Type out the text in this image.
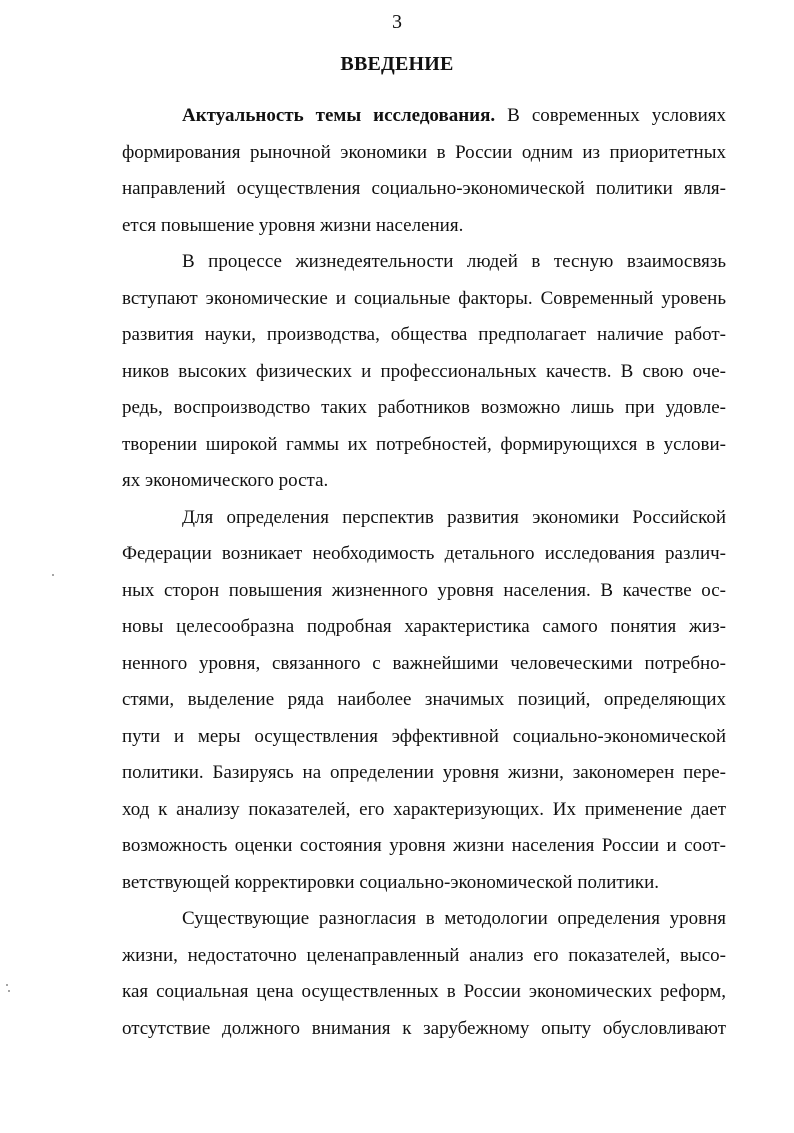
3
ВВЕДЕНИЕ

Актуальность темы исследования. В современных условиях
формирования рыночной экономики в России одним из приоритетных
направлений осуществления социально-экономической политики явля-
ется повышение уровня жизни населения.

В процессе жизнедеятельности людей в тесную взаимосвязь
вступают экономические и социальные факторы. Современный уровень
развития науки, производства, общества предполагает наличие работ-
ников высоких физических и профессиональных качеств. В свою оче-
редь, воспроизводство таких работников возможно лишь при удовле-
творении широкой гаммы их потребностей, формирующихся в услови-
ях экономического роста.

Для определения перспектив развития экономики Российской
Федерации возникает необходимость детального исследования различ-
ных сторон повышения жизненного уровня населения. В качестве ос-
новы целесообразна подробная характеристика самого понятия жиз-
ненного уровня, связанного с важнейшими человеческими потребно-
стями, выделение ряда наиболее значимых позиций, определяющих
пути и меры осуществления эффективной социально-экономической
политики. Базируясь на определении уровня жизни, закономерен пере-
ход к анализу показателей, его характеризующих. Их применение дает
возможность оценки состояния уровня жизни населения России и соот-
ветствующей корректировки социально-экономической политики.

Существующие разногласия в методологии определения уровня
жизни, недостаточно целенаправленный анализ его показателей, высо-
кая социальная цена осуществленных в России экономических реформ,
отсутствие должного внимания к зарубежному опыту обусловливают
